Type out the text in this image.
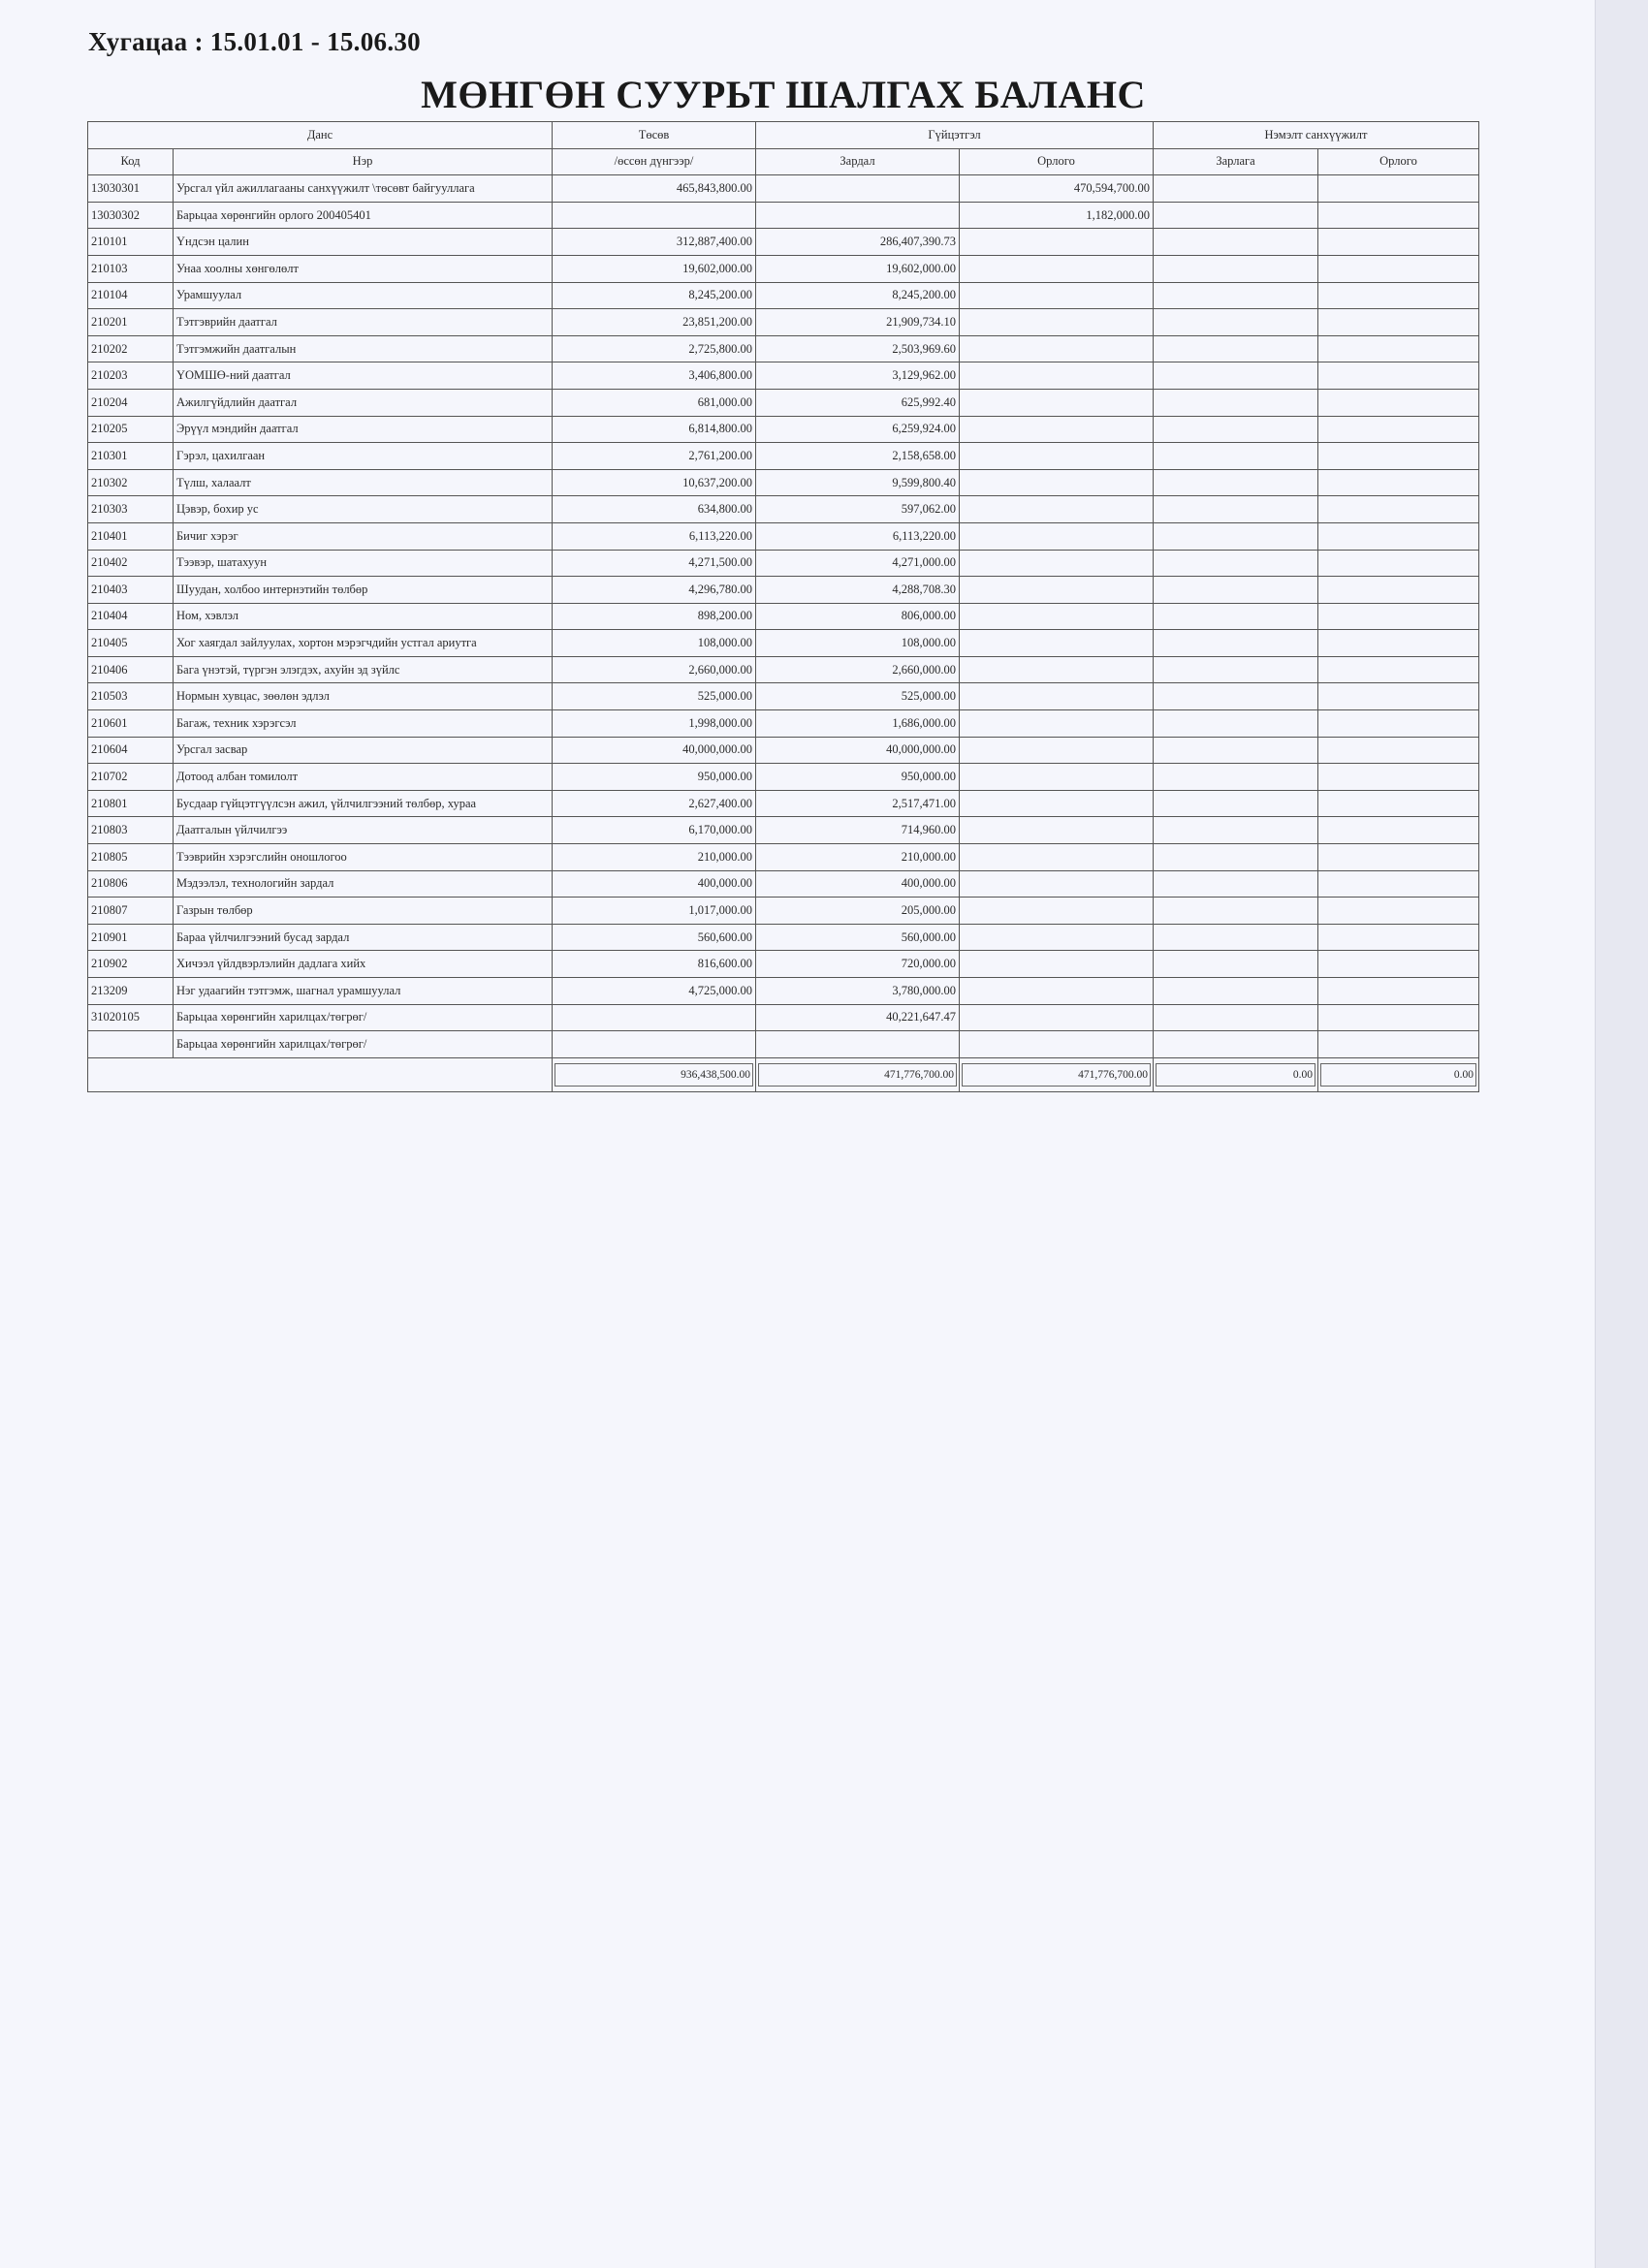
Хугацаа : 15.01.01 - 15.06.30
МӨНГӨН СУУРЬТ ШАЛГАХ БАЛАНС
Данс		Төсөв	Гүйцэтгэл		Нэмэлт санхүүжилт	
Код	Нэр	/өссөн дүнгээр/	Зардал	Орлого	Зарлага	Орлого
13030301	Урсгал үйл ажиллагааны санхүүжилт \төсөвт байгууллага	465,843,800.00		470,594,700.00		
13030302	Барьцаа хөрөнгийн орлого 200405401			1,182,000.00		
210101	Үндсэн цалин	312,887,400.00	286,407,390.73			
210103	Унаа хоолны хөнгөлөлт	19,602,000.00	19,602,000.00			
210104	Урамшуулал	8,245,200.00	8,245,200.00			
210201	Тэтгэврийн даатгал	23,851,200.00	21,909,734.10			
210202	Тэтгэмжийн даатгалын	2,725,800.00	2,503,969.60			
210203	ҮОМШӨ-ний даатгал	3,406,800.00	3,129,962.00			
210204	Ажилгүйдлийн даатгал	681,000.00	625,992.40			
210205	Эрүүл мэндийн даатгал	6,814,800.00	6,259,924.00			
210301	Гэрэл, цахилгаан	2,761,200.00	2,158,658.00			
210302	Түлш, халаалт	10,637,200.00	9,599,800.40			
210303	Цэвэр, бохир ус	634,800.00	597,062.00			
210401	Бичиг хэрэг	6,113,220.00	6,113,220.00			
210402	Тээвэр, шатахуун	4,271,500.00	4,271,000.00			
210403	Шуудан, холбоо интернэтийн төлбөр	4,296,780.00	4,288,708.30			
210404	Ном, хэвлэл	898,200.00	806,000.00			
210405	Хог хаягдал зайлуулах, хортон мэрэгчдийн устгал ариутга	108,000.00	108,000.00			
210406	Бага үнэтэй, түргэн элэгдэх, ахуйн эд зүйлс	2,660,000.00	2,660,000.00			
210503	Нормын хувцас, зөөлөн эдлэл	525,000.00	525,000.00			
210601	Багаж, техник хэрэгсэл	1,998,000.00	1,686,000.00			
210604	Урсгал засвар	40,000,000.00	40,000,000.00			
210702	Дотоод албан томилолт	950,000.00	950,000.00			
210801	Бусдаар гүйцэтгүүлсэн ажил, үйлчилгээний төлбөр, хураа	2,627,400.00	2,517,471.00			
210803	Даатгалын үйлчилгээ	6,170,000.00	714,960.00			
210805	Тээврийн хэрэгслийн оношлогоо	210,000.00	210,000.00			
210806	Мэдээлэл, технологийн зардал	400,000.00	400,000.00			
210807	Газрын төлбөр	1,017,000.00	205,000.00			
210901	Бараа үйлчилгээний бусад зардал	560,600.00	560,000.00			
210902	Хичээл үйлдвэрлэлийн дадлага хийх	816,600.00	720,000.00			
213209	Нэг удаагийн тэтгэмж, шагнал урамшуулал	4,725,000.00	3,780,000.00			
31020105	Барьцаа хөрөнгийн харилцах/төгрөг/		40,221,647.47			
	Барьцаа хөрөнгийн харилцах/төгрөг/					

		936,438,500.00	471,776,700.00	471,776,700.00	0.00	0.00
